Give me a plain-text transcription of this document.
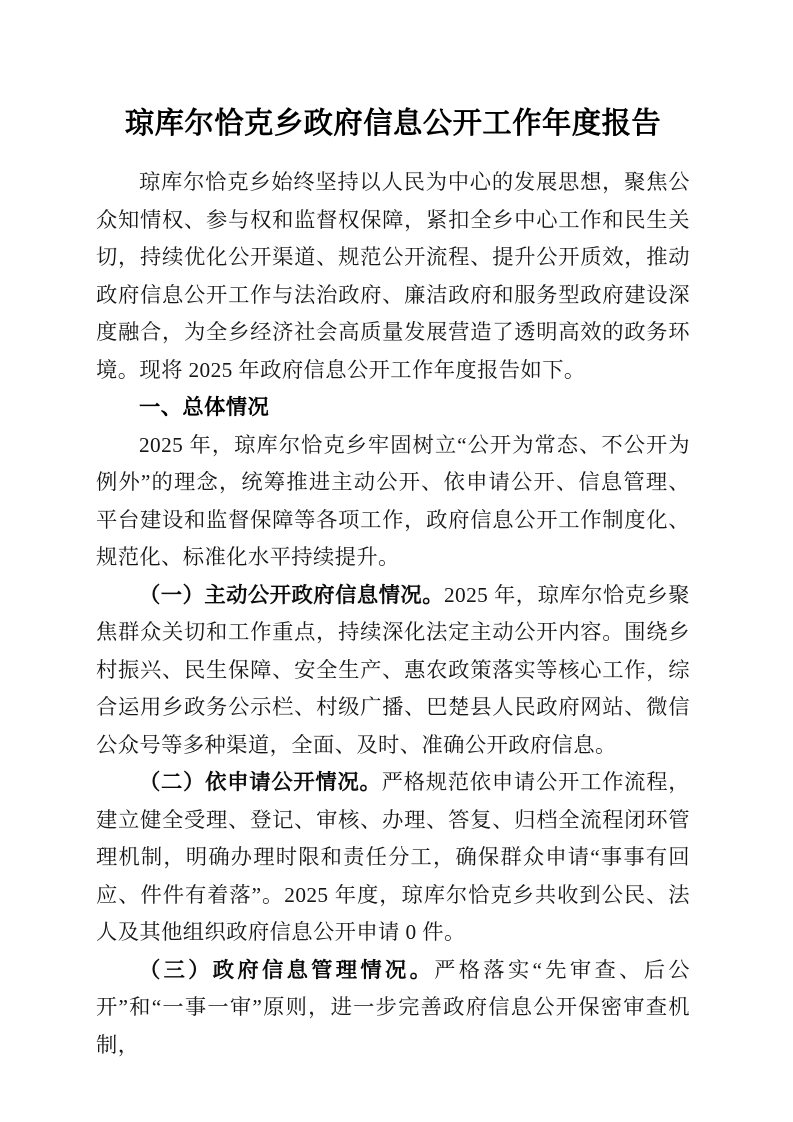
琼库尔恰克乡政府信息公开工作年度报告

琼库尔恰克乡始终坚持以人民为中心的发展思想，聚焦公众知情权、参与权和监督权保障，紧扣全乡中心工作和民生关切，持续优化公开渠道、规范公开流程、提升公开质效，推动政府信息公开工作与法治政府、廉洁政府和服务型政府建设深度融合，为全乡经济社会高质量发展营造了透明高效的政务环境。现将 2025 年政府信息公开工作年度报告如下。

一、总体情况

2025 年，琼库尔恰克乡牢固树立“公开为常态、不公开为例外”的理念，统筹推进主动公开、依申请公开、信息管理、平台建设和监督保障等各项工作，政府信息公开工作制度化、规范化、标准化水平持续提升。

（一）主动公开政府信息情况。2025 年，琼库尔恰克乡聚焦群众关切和工作重点，持续深化法定主动公开内容。围绕乡村振兴、民生保障、安全生产、惠农政策落实等核心工作，综合运用乡政务公示栏、村级广播、巴楚县人民政府网站、微信公众号等多种渠道，全面、及时、准确公开政府信息。

（二）依申请公开情况。严格规范依申请公开工作流程，建立健全受理、登记、审核、办理、答复、归档全流程闭环管理机制，明确办理时限和责任分工，确保群众申请“事事有回应、件件有着落”。2025 年度，琼库尔恰克乡共收到公民、法人及其他组织政府信息公开申请 0 件。

（三）政府信息管理情况。严格落实“先审查、后公开”和“一事一审”原则，进一步完善政府信息公开保密审查机制，
